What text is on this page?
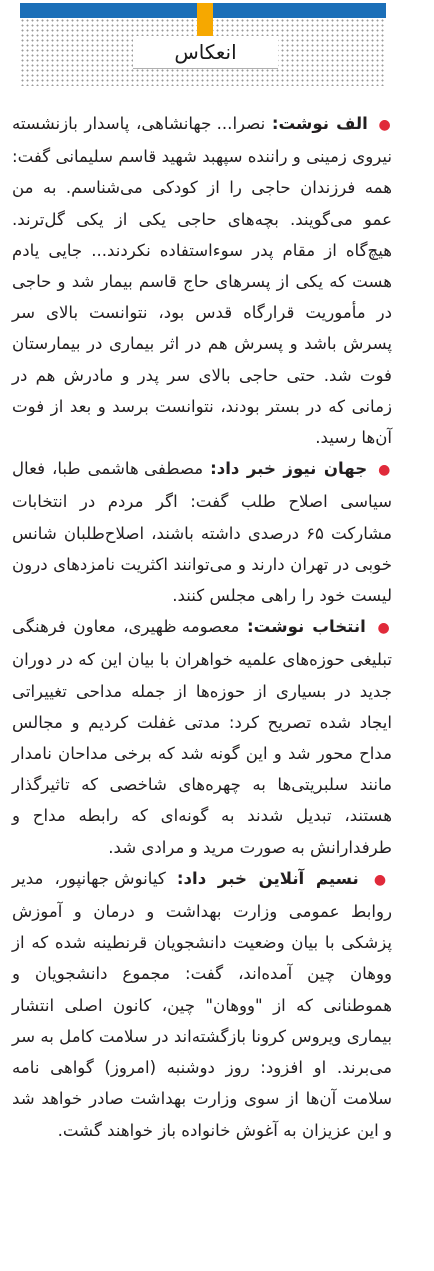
انعکاس

● الف نوشت: نصرا... جهانشاهی، پاسدار بازنشسته نیروی زمینی و راننده سپهبد شهید قاسم سلیمانی گفت: همه فرزندان حاجی را از کودکی می‌شناسم. به من عمو می‌گویند. بچه‌های حاجی یکی از یکی گل‌ترند. هیچ‌گاه از مقام پدر سوءاستفاده نکردند... جایی یادم هست که یکی از پسرهای حاج قاسم بیمار شد و حاجی در مأموریت قرارگاه قدس بود، نتوانست بالای سر پسرش باشد و پسرش هم در اثر بیماری در بیمارستان فوت شد. حتی حاجی بالای سر پدر و مادرش هم در زمانی که در بستر بودند، نتوانست برسد و بعد از فوت آن‌ها رسید.

● جهان نیوز خبر داد: مصطفی هاشمی طبا، فعال سیاسی اصلاح طلب گفت: اگر مردم در انتخابات مشارکت ۶۵ درصدی داشته باشند، اصلاح‌طلبان شانس خوبی در تهران دارند و می‌توانند اکثریت نامزدهای درون لیست خود را راهی مجلس کنند.

● انتخاب نوشت: معصومه ظهیری، معاون فرهنگی تبلیغی حوزه‌های علمیه خواهران با بیان این که در دوران جدید در بسیاری از حوزه‌ها از جمله مداحی تغییراتی ایجاد شده تصریح کرد: مدتی غفلت کردیم و مجالس مداح محور شد و این گونه شد که برخی مداحان نامدار مانند سلبریتی‌ها به چهره‌های شاخصی که تاثیرگذار هستند، تبدیل شدند به گونه‌ای که رابطه مداح و طرفدارانش به صورت مرید و مرادی شد.

● نسیم آنلاین خبر داد: کیانوش جهانپور، مدیر روابط عمومی وزارت بهداشت و درمان و آموزش پزشکی با بیان وضعیت دانشجویان قرنطینه شده که از ووهان چین آمده‌اند، گفت: مجموع دانشجویان و هموطنانی که از "ووهان" چین، کانون اصلی انتشار بیماری ویروس کرونا بازگشته‌اند در سلامت کامل به سر می‌برند. او افزود: روز دوشنبه (امروز) گواهی نامه سلامت آن‌ها از سوی وزارت بهداشت صادر خواهد شد و این عزیزان به آغوش خانواده باز خواهند گشت.
